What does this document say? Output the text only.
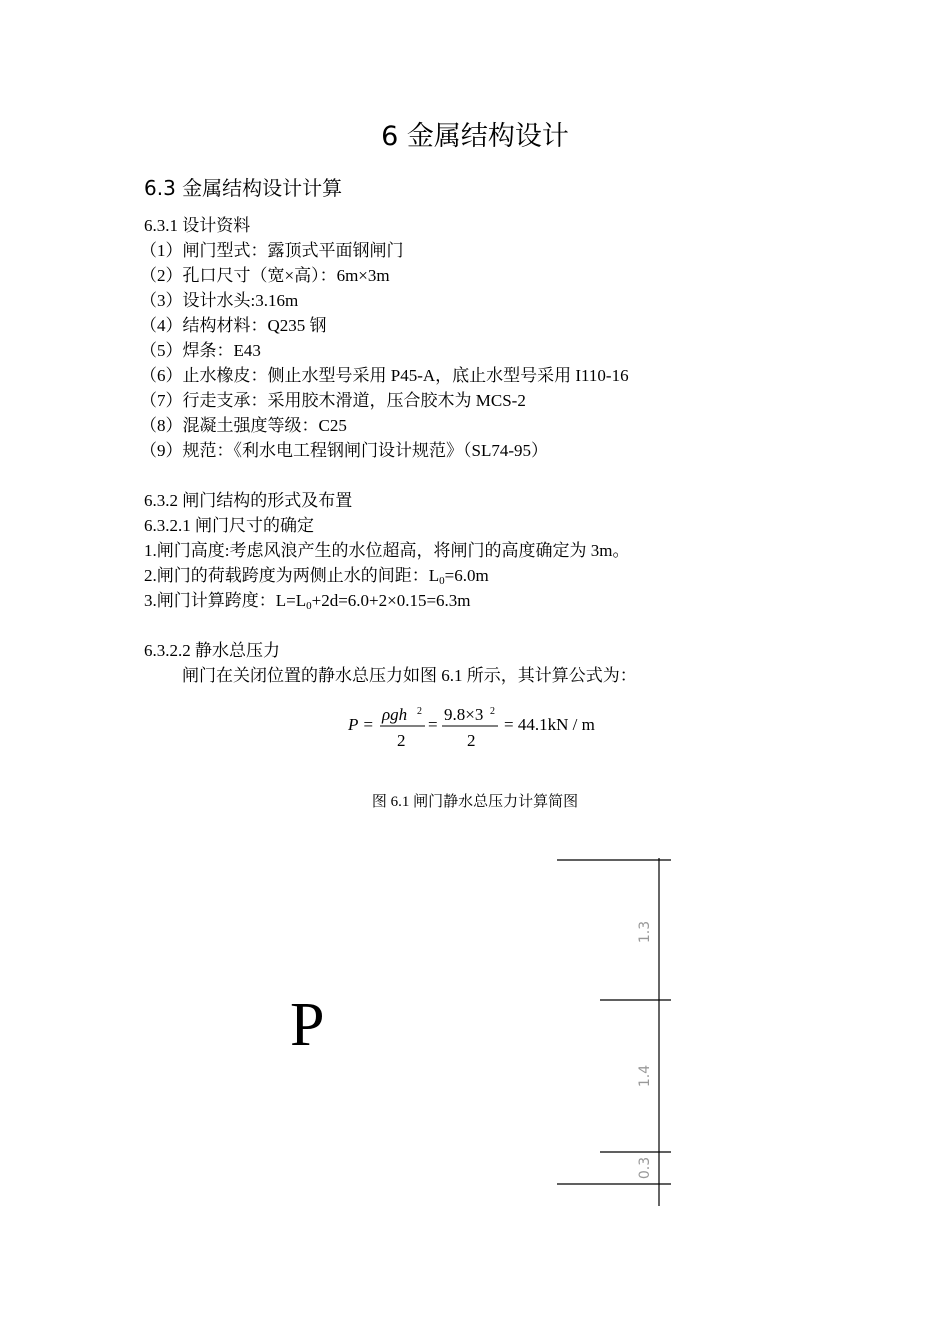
6 金属结构设计
6.3 金属结构设计计算
6.3.1 设计资料
（1）闸门型式：露顶式平面钢闸门
（2）孔口尺寸（宽×高）：6m×3m
（3）设计水头:3.16m
（4）结构材料：Q235 钢
（5）焊条：E43
（6）止水橡皮：侧止水型号采用 P45-A，底止水型号采用 I110-16
（7）行走支承：采用胶木滑道，压合胶木为 MCS-2
（8）混凝土强度等级：C25
（9）规范：《利水电工程钢闸门设计规范》（SL74-95）
6.3.2 闸门结构的形式及布置
6.3.2.1 闸门尺寸的确定
1.闸门高度:考虑风浪产生的水位超高，将闸门的高度确定为 3m。
2.闸门的荷载跨度为两侧止水的间距：$L_0=6.0m$
3.闸门计算跨度：$L=L_0+2d=6.0+2\times 0.15=6.3m$
6.3.2.2 静水总压力
闸门在关闭位置的静水总压力如图 6.1 所示，其计算公式为：
P =
ρgh 2
2
=
9.8×3 2
2
= 44.1kN / m
图 6.1 闸门静水总压力计算简图
P
1.3
1.4
0.3
